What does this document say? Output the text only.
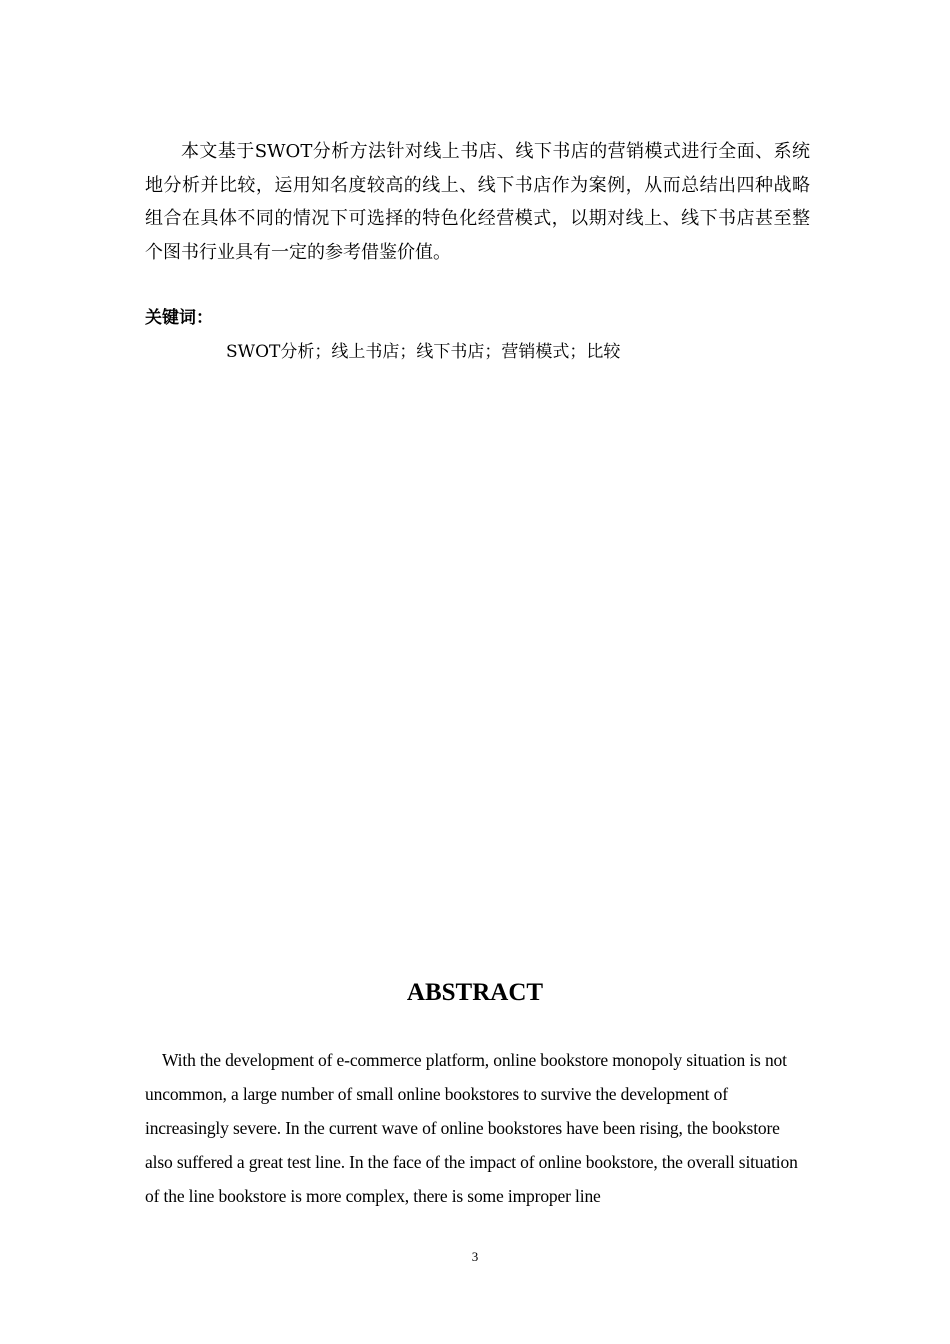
本文基于SWOT分析方法针对线上书店、线下书店的营销模式进行全面、系统地分析并比较，运用知名度较高的线上、线下书店作为案例，从而总结出四种战略组合在具体不同的情况下可选择的特色化经营模式，以期对线上、线下书店甚至整个图书行业具有一定的参考借鉴价值。

关键词：

SWOT分析；线上书店；线下书店；营销模式；比较

ABSTRACT

With the development of e-commerce platform, online bookstore monopoly situation is not uncommon, a large number of small online bookstores to survive the development of increasingly severe. In the current wave of online bookstores have been rising, the bookstore also suffered a great test line. In the face of the impact of online bookstore, the overall situation of the line bookstore is more complex, there is some improper line

3
